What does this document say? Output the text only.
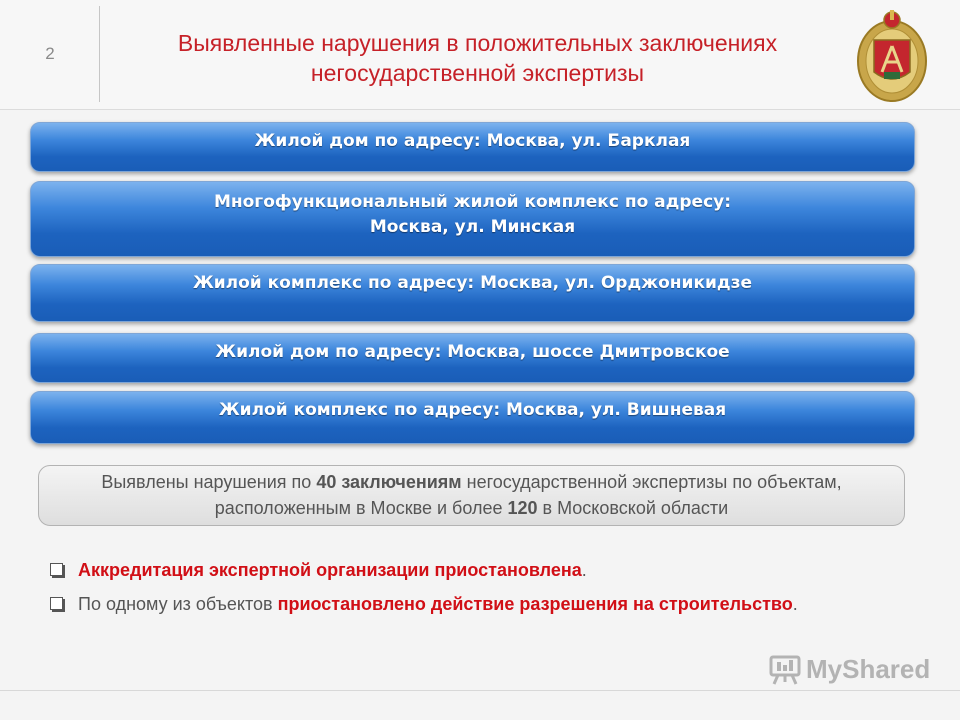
2	Выявленные нарушения в положительных заключениях
негосударственной экспертизы
Жилой дом по адресу: Москва, ул. Барклая
Многофункциональный жилой комплекс по адресу:
Москва, ул. Минская
Жилой комплекс по адресу: Москва, ул. Орджоникидзе
Жилой дом по адресу: Москва, шоссе Дмитровское
Жилой комплекс по адресу: Москва, ул. Вишневая
Выявлены нарушения по 40 заключениям негосударственной экспертизы по объектам, расположенным в Москве и более 120 в Московской области
Аккредитация экспертной организации приостановлена.
По одному из объектов приостановлено действие разрешения на строительство.
MyShared
